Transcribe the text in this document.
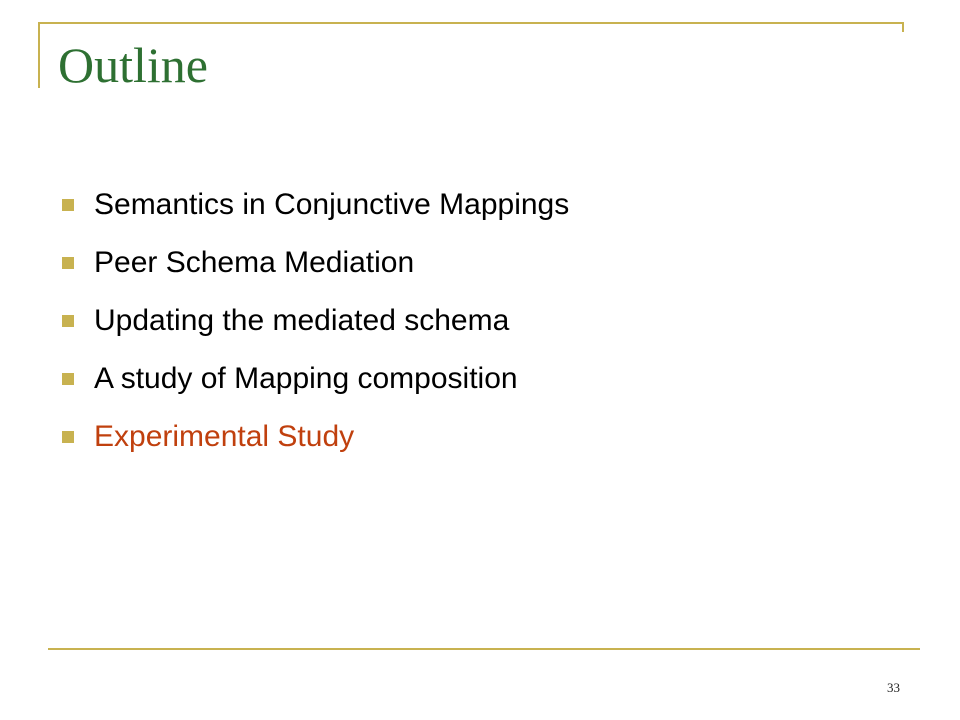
Outline
Semantics in Conjunctive Mappings
Peer Schema Mediation
Updating the mediated schema
A study of Mapping composition
Experimental Study
33
